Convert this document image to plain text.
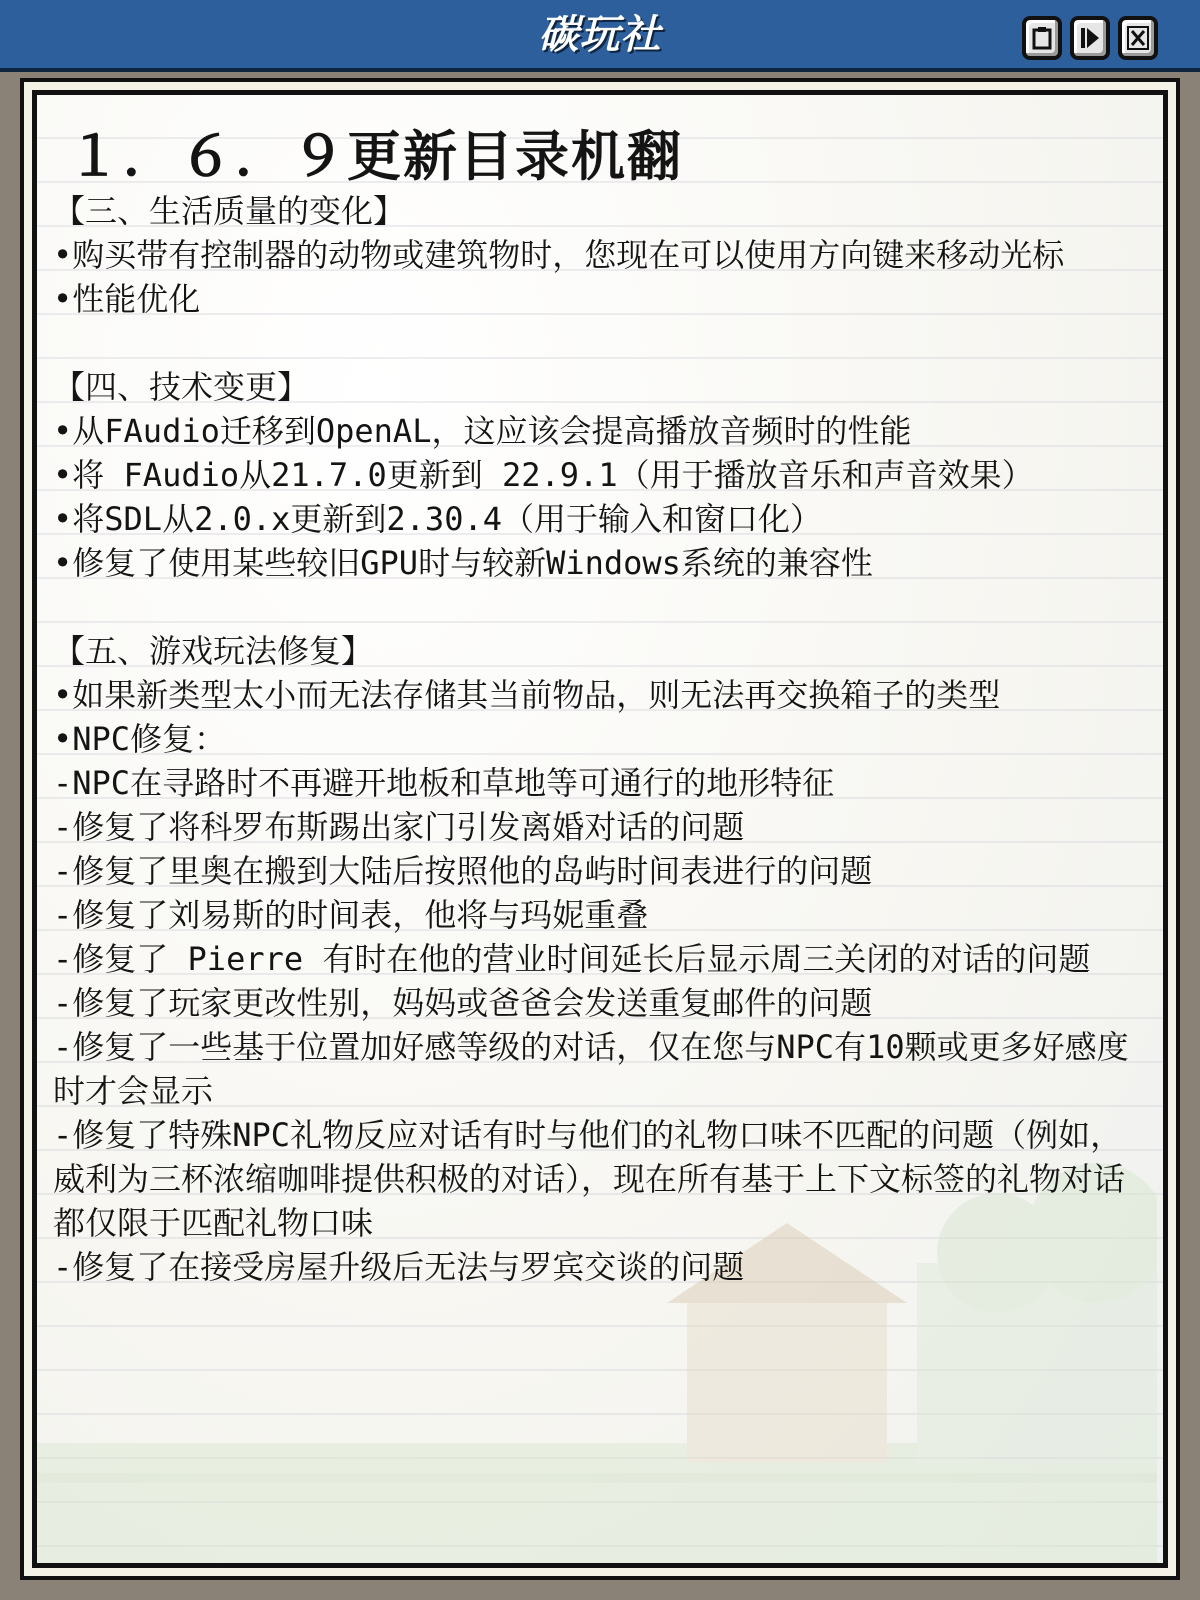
碳玩社
１．６．９更新目录机翻
【三、生活质量的变化】
•购买带有控制器的动物或建筑物时，您现在可以使用方向键来移动光标
•性能优化
【四、技术变更】
•从FAudio迁移到OpenAL，这应该会提高播放音频时的性能
•将 FAudio从21.7.0更新到 22.9.1（用于播放音乐和声音效果）
•将SDL从2.0.x更新到2.30.4（用于输入和窗口化）
•修复了使用某些较旧GPU时与较新Windows系统的兼容性
【五、游戏玩法修复】
•如果新类型太小而无法存储其当前物品，则无法再交换箱子的类型
•NPC修复：
-NPC在寻路时不再避开地板和草地等可通行的地形特征
-修复了将科罗布斯踢出家门引发离婚对话的问题
-修复了里奥在搬到大陆后按照他的岛屿时间表进行的问题
-修复了刘易斯的时间表，他将与玛妮重叠
-修复了 Pierre 有时在他的营业时间延长后显示周三关闭的对话的问题
-修复了玩家更改性别，妈妈或爸爸会发送重复邮件的问题
-修复了一些基于位置加好感等级的对话，仅在您与NPC有10颗或更多好感度时才会显示
-修复了特殊NPC礼物反应对话有时与他们的礼物口味不匹配的问题（例如，威利为三杯浓缩咖啡提供积极的对话），现在所有基于上下文标签的礼物对话都仅限于匹配礼物口味
-修复了在接受房屋升级后无法与罗宾交谈的问题
